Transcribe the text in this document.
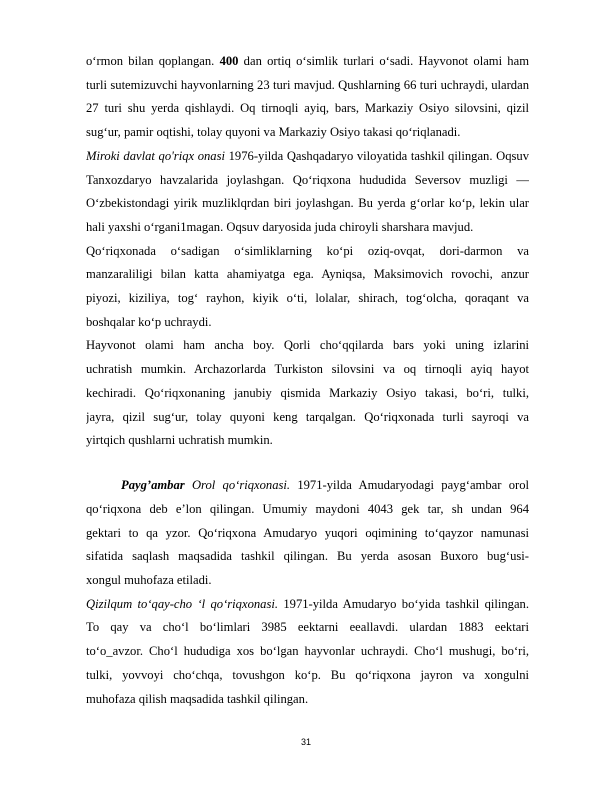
o‘rmon bilan qoplangan. 400 dan ortiq o‘simlik turlari o‘sadi. Hayvonot olami ham
turli sutemizuvchi hayvonlarning 23 turi mavjud. Qushlarning 66 turi uchraydi, ulardan
27 turi shu yerda qishlaydi. Oq tirnoqli ayiq, bars, Markaziy Osiyo silovsini, qizil
sug‘ur, pamir oqtishi, tolay quyoni va Markaziy Osiyo takasi qo‘riqlanadi.
Miroki davlat qo'riqx onasi 1976-yilda Qashqadaryo viloyatida tashkil qilingan. Oqsuv
Tanxozdaryo havzalarida joylashgan. Qo‘riqxona hududida Seversov muzligi —
O‘zbekistondagi yirik muzliklqrdan biri joylashgan. Bu yerda g‘orlar ko‘p, lekin ular
hali yaxshi o‘rgani1magan. Oqsuv daryosida juda chiroyli sharshara mavjud.
Qo‘riqxonada o‘sadigan o‘simliklarning ko‘pi oziq-ovqat, dori-darmon va
manzaraliligi bilan katta ahamiyatga ega. Ayniqsa, Maksimovich rovochi, anzur
piyozi, kiziliya, tog‘ rayhon, kiyik o‘ti, lolalar, shirach, tog‘olcha, qoraqant va
boshqalar ko‘p uchraydi.
Hayvonot olami ham ancha boy. Qorli cho‘qqilarda bars yoki uning izlarini
uchratish mumkin. Archazorlarda Turkiston silovsini va oq tirnoqli ayiq hayot
kechiradi. Qo‘riqxonaning janubiy qismida Markaziy Osiyo takasi, bo‘ri, tulki,
jayra, qizil sug‘ur, tolay quyoni keng tarqalgan. Qo‘riqxonada turli sayroqi va
yirtqich qushlarni uchratish mumkin.
Payg’ambar Orol qo‘riqxonasi. 1971-yilda Amudaryodagi payg‘ambar orol
qo‘riqxona deb e’lon qilingan. Umumiy maydoni 4043 gek tar, sh undan 964
gektari to qa yzor. Qo‘riqxona Amudaryo yuqori oqimining to‘qayzor namunasi
sifatida saqlash maqsadida tashkil qilingan. Bu yerda asosan Buxoro bug‘usi-
xongul muhofaza etiladi.
Qizilqum to‘qay-cho ‘l qo‘riqxonasi. 1971-yilda Amudaryo bo‘yida tashkil qilingan.
To qay va cho‘l bo‘limlari 3985 eektarni eeallavdi. ulardan 1883 eektari
to‘o_avzor. Cho‘l hududiga xos bo‘lgan hayvonlar uchraydi. Cho‘l mushugi, bo‘ri,
tulki, yovvoyi cho‘chqa, tovushgon ko‘p. Bu qo‘riqxona jayron va xongulni
muhofaza qilish maqsadida tashkil qilingan.
31
